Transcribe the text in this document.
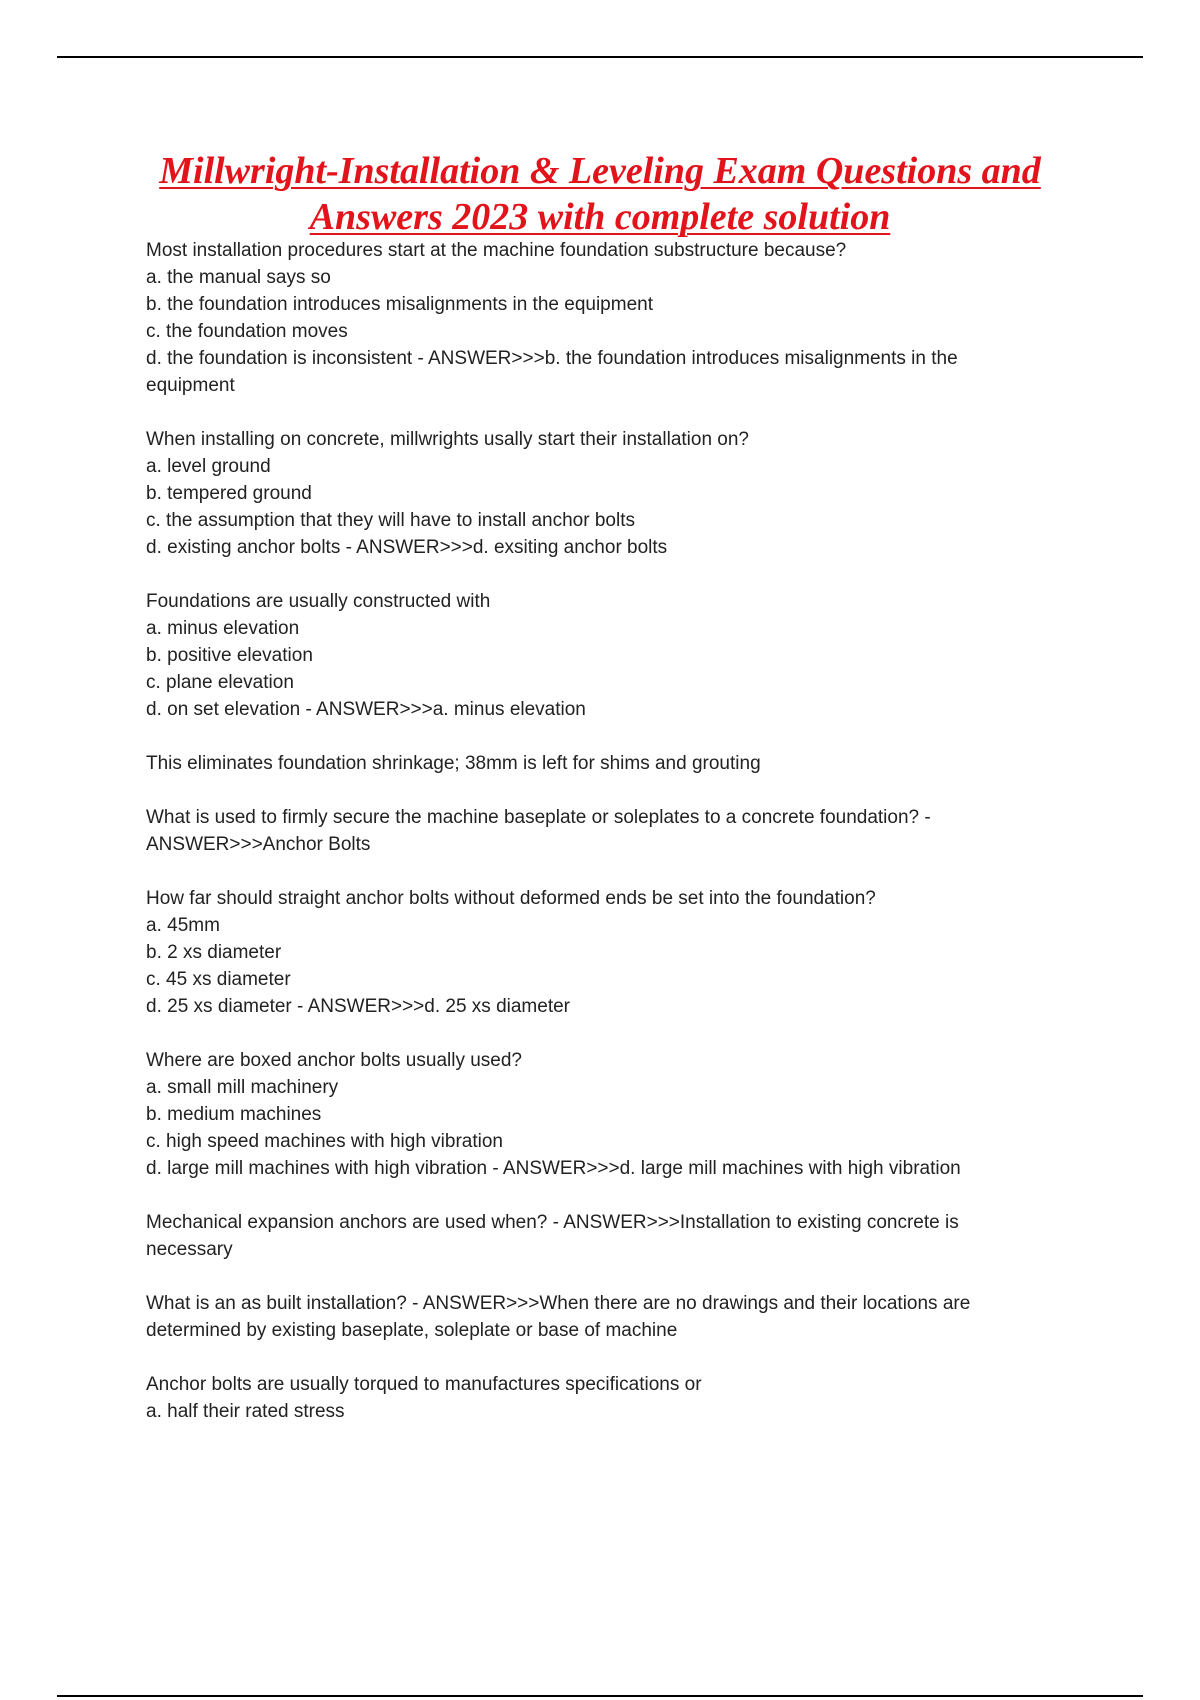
Millwright-Installation & Leveling Exam Questions and
Answers 2023 with complete solution

Most installation procedures start at the machine foundation substructure because?

a. the manual says so

b. the foundation introduces misalignments in the equipment

c. the foundation moves

d. the foundation is inconsistent - ANSWER>>>b. the foundation introduces misalignments in the

equipment

When installing on concrete, millwrights usally start their installation on?

a. level ground

b. tempered ground

c. the assumption that they will have to install anchor bolts

d. existing anchor bolts - ANSWER>>>d. exsiting anchor bolts

Foundations are usually constructed with

a. minus elevation

b. positive elevation

c. plane elevation

d. on set elevation - ANSWER>>>a. minus elevation

This eliminates foundation shrinkage; 38mm is left for shims and grouting

What is used to firmly secure the machine baseplate or soleplates to a concrete foundation? -

ANSWER>>>Anchor Bolts

How far should straight anchor bolts without deformed ends be set into the foundation?

a. 45mm

b. 2 xs diameter

c. 45 xs diameter

d. 25 xs diameter - ANSWER>>>d. 25 xs diameter

Where are boxed anchor bolts usually used?

a. small mill machinery

b. medium machines

c. high speed machines with high vibration

d. large mill machines with high vibration - ANSWER>>>d. large mill machines with high vibration

Mechanical expansion anchors are used when? - ANSWER>>>Installation to existing concrete is

necessary

What is an as built installation? - ANSWER>>>When there are no drawings and their locations are

determined by existing baseplate, soleplate or base of machine

Anchor bolts are usually torqued to manufactures specifications or

a. half their rated stress
